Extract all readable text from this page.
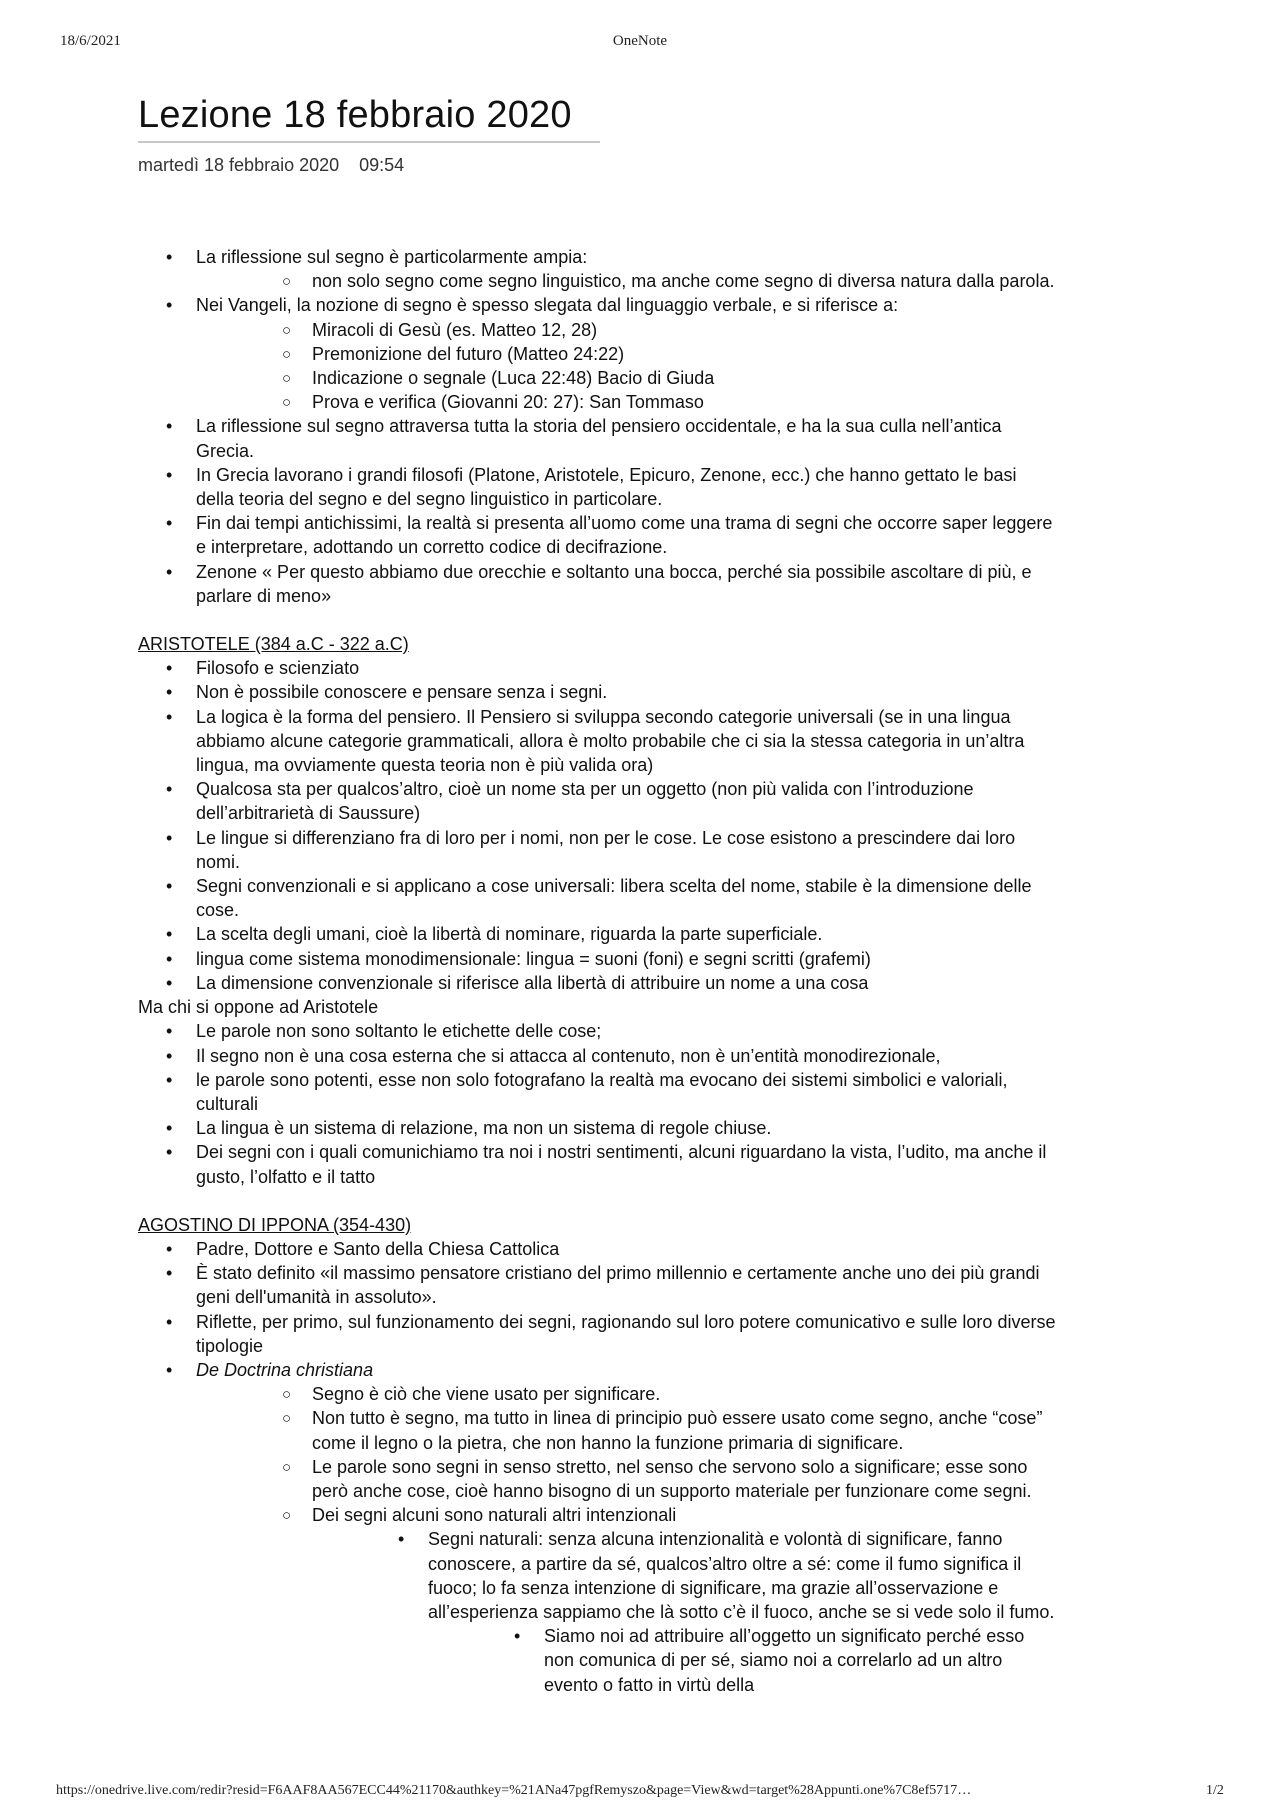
18/6/2021	OneNote
Lezione 18 febbraio 2020
martedì 18 febbraio 2020 09:54
• La riflessione sul segno è particolarmente ampia:
○ non solo segno come segno linguistico, ma anche come segno di diversa natura dalla parola.
• Nei Vangeli, la nozione di segno è spesso slegata dal linguaggio verbale, e si riferisce a:
○ Miracoli di Gesù (es. Matteo 12, 28)
○ Premonizione del futuro (Matteo 24:22)
○ Indicazione o segnale (Luca 22:48) Bacio di Giuda
○ Prova e verifica (Giovanni 20: 27): San Tommaso
• La riflessione sul segno attraversa tutta la storia del pensiero occidentale, e ha la sua culla nell’antica Grecia.
• In Grecia lavorano i grandi filosofi (Platone, Aristotele, Epicuro, Zenone, ecc.) che hanno gettato le basi della teoria del segno e del segno linguistico in particolare.
• Fin dai tempi antichissimi, la realtà si presenta all’uomo come una trama di segni che occorre saper leggere e interpretare, adottando un corretto codice di decifrazione.
• Zenone « Per questo abbiamo due orecchie e soltanto una bocca, perché sia possibile ascoltare di più, e parlare di meno»
ARISTOTELE (384 a.C - 322 a.C)
• Filosofo e scienziato
• Non è possibile conoscere e pensare senza i segni.
• La logica è la forma del pensiero. Il Pensiero si sviluppa secondo categorie universali (se in una lingua abbiamo alcune categorie grammaticali, allora è molto probabile che ci sia la stessa categoria in un’altra lingua, ma ovviamente questa teoria non è più valida ora)
• Qualcosa sta per qualcos’altro, cioè un nome sta per un oggetto (non più valida con l’introduzione dell’arbitrarietà di Saussure)
• Le lingue si differenziano fra di loro per i nomi, non per le cose. Le cose esistono a prescindere dai loro nomi.
• Segni convenzionali e si applicano a cose universali: libera scelta del nome, stabile è la dimensione delle cose.
• La scelta degli umani, cioè la libertà di nominare, riguarda la parte superficiale.
• lingua come sistema monodimensionale: lingua = suoni (foni) e segni scritti (grafemi)
• La dimensione convenzionale si riferisce alla libertà di attribuire un nome a una cosa
Ma chi si oppone ad Aristotele
• Le parole non sono soltanto le etichette delle cose;
• Il segno non è una cosa esterna che si attacca al contenuto, non è un’entità monodirezionale,
• le parole sono potenti, esse non solo fotografano la realtà ma evocano dei sistemi simbolici e valoriali, culturali
• La lingua è un sistema di relazione, ma non un sistema di regole chiuse.
• Dei segni con i quali comunichiamo tra noi i nostri sentimenti, alcuni riguardano la vista, l’udito, ma anche il gusto, l’olfatto e il tatto
AGOSTINO DI IPPONA (354-430)
• Padre, Dottore e Santo della Chiesa Cattolica
• È stato definito «il massimo pensatore cristiano del primo millennio e certamente anche uno dei più grandi geni dell'umanità in assoluto».
• Riflette, per primo, sul funzionamento dei segni, ragionando sul loro potere comunicativo e sulle loro diverse tipologie
• De Doctrina christiana
○ Segno è ciò che viene usato per significare.
○ Non tutto è segno, ma tutto in linea di principio può essere usato come segno, anche “cose” come il legno o la pietra, che non hanno la funzione primaria di significare.
○ Le parole sono segni in senso stretto, nel senso che servono solo a significare; esse sono però anche cose, cioè hanno bisogno di un supporto materiale per funzionare come segni.
○ Dei segni alcuni sono naturali altri intenzionali
• Segni naturali: senza alcuna intenzionalità e volontà di significare, fanno conoscere, a partire da sé, qualcos’altro oltre a sé: come il fumo significa il fuoco; lo fa senza intenzione di significare, ma grazie all’osservazione e all’esperienza sappiamo che là sotto c’è il fuoco, anche se si vede solo il fumo.
• Siamo noi ad attribuire all’oggetto un significato perché esso non comunica di per sé, siamo noi a correlarlo ad un altro evento o fatto in virtù della
https://onedrive.live.com/redir?resid=F6AAF8AA567ECC44%21170&authkey=%21ANa47pgfRemyszo&page=View&wd=target%28Appunti.one%7C8ef5717…	1/2
